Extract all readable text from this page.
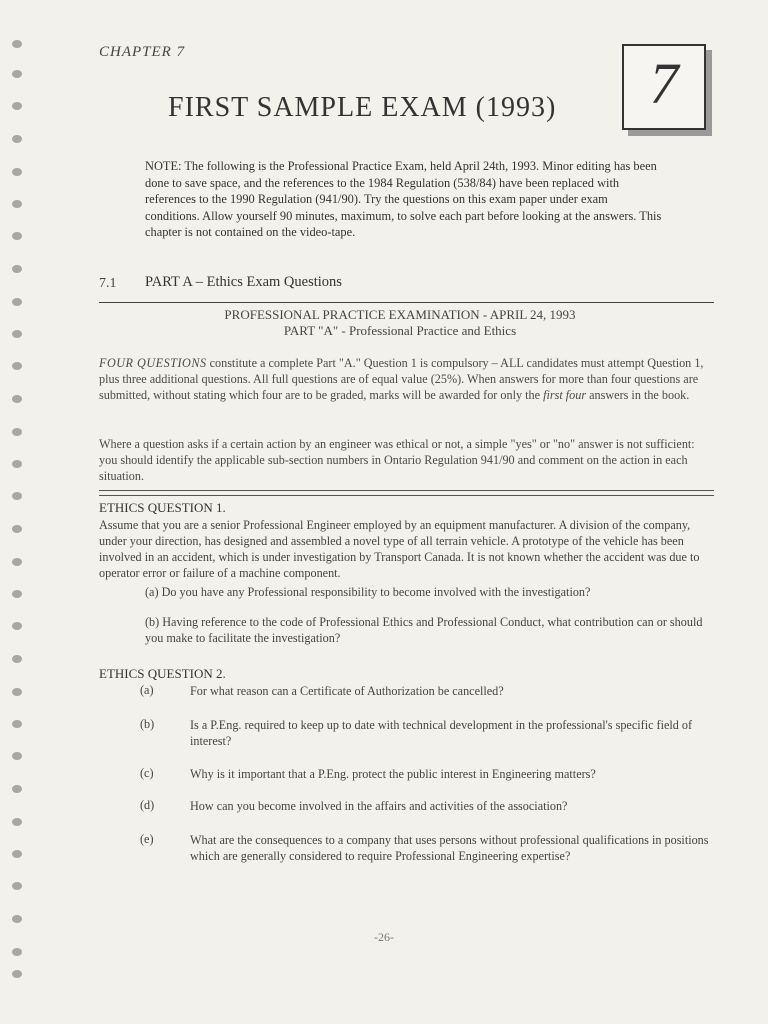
CHAPTER 7	7
FIRST SAMPLE EXAM (1993)
NOTE: The following is the Professional Practice Exam, held April 24th, 1993. Minor editing has been done to save space, and the references to the 1984 Regulation (538/84) have been replaced with references to the 1990 Regulation (941/90). Try the questions on this exam paper under exam conditions. Allow yourself 90 minutes, maximum, to solve each part before looking at the answers. This chapter is not contained on the video-tape.
7.1 PART A – Ethics Exam Questions
PROFESSIONAL PRACTICE EXAMINATION - APRIL 24, 1993
PART "A" - Professional Practice and Ethics
FOUR QUESTIONS constitute a complete Part "A." Question 1 is compulsory – ALL candidates must attempt Question 1, plus three additional questions. All full questions are of equal value (25%). When answers for more than four questions are submitted, without stating which four are to be graded, marks will be awarded for only the first four answers in the book.
Where a question asks if a certain action by an engineer was ethical or not, a simple "yes" or "no" answer is not sufficient: you should identify the applicable sub-section numbers in Ontario Regulation 941/90 and comment on the action in each situation.
ETHICS QUESTION 1.
Assume that you are a senior Professional Engineer employed by an equipment manufacturer. A division of the company, under your direction, has designed and assembled a novel type of all terrain vehicle. A prototype of the vehicle has been involved in an accident, which is under investigation by Transport Canada. It is not known whether the accident was due to operator error or failure of a machine component.
(a) Do you have any Professional responsibility to become involved with the investigation?
(b) Having reference to the code of Professional Ethics and Professional Conduct, what contribution can or should you make to facilitate the investigation?
ETHICS QUESTION 2.
(a)	For what reason can a Certificate of Authorization be cancelled?
(b)	Is a P.Eng. required to keep up to date with technical development in the professional's specific field of interest?
(c)	Why is it important that a P.Eng. protect the public interest in Engineering matters?
(d)	How can you become involved in the affairs and activities of the association?
(e)	What are the consequences to a company that uses persons without professional qualifications in positions which are generally considered to require Professional Engineering expertise?
-26-
